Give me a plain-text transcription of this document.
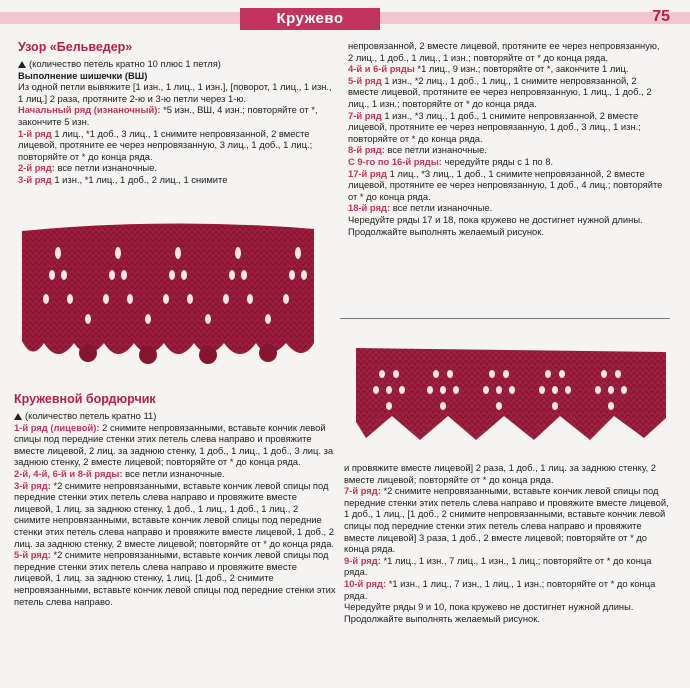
Кружево	75
Узор «Бельведер»

(количество петель кратно 10 плюс 1 петля)

Выполнение шишечки (ВШ)

Из одной петли вывяжите [1 изн., 1 лиц., 1 изн.], [поворот, 1 лиц., 1 изн., 1 лиц.] 2 раза, протяните 2-ю и 3-ю петли через 1-ю.

Начальный ряд (изнаночный): *5 изн., ВШ, 4 изн.; повторяйте от *, закончите 5 изн.

1-й ряд 1 лиц., *1 доб., 3 лиц., 1 снимите непровязанной, 2 вместе лицевой, протяните ее через непровязанную, 3 лиц., 1 доб., 1 лиц.; повторяйте от * до конца ряда.

2-й ряд: все петли изнаночные.

3-й ряд 1 изн., *1 лиц., 1 доб., 2 лиц., 1 снимите

непровязанной, 2 вместе лицевой, протяните ее через непровязанную, 2 лиц., 1 доб., 1 лиц., 1 изн.; повторяйте от * до конца ряда.

4-й и 6-й ряды *1 лиц., 9 изн.; повторяйте от *, закончите 1 лиц.

5-й ряд 1 изн., *2 лиц., 1 доб., 1 лиц., 1 снимите непровязанной, 2 вместе лицевой, протяните ее через непровязанную, 1 лиц., 1 доб., 2 лиц., 1 изн.; повторяйте от * до конца ряда.

7-й ряд 1 изн., *3 лиц., 1 доб., 1 снимите непровязанной, 2 вместе лицевой, протяните ее через непровязанную, 1 доб., 3 лиц., 1 изн.; повторяйте от * до конца ряда.

8-й ряд: все петли изнаночные.

С 9-го по 16-й ряды: чередуйте ряды с 1 по 8.

17-й ряд 1 лиц., *3 лиц., 1 доб., 1 снимите непровязанной, 2 вместе лицевой, протяните ее через непровязанную, 1 доб., 4 лиц.; повторяйте от * до конца ряда.

18-й ряд: все петли изнаночные.

Чередуйте ряды 17 и 18, пока кружево не достигнет нужной длины.

Продолжайте выполнять желаемый рисунок.

Кружевной бордюрчик

(количество петель кратно 11)

1-й ряд (лицевой): 2 снимите непровязанными, вставьте кончик левой спицы под передние стенки этих петель слева направо и провяжите вместе лицевой, 2 лиц. за заднюю стенку, 1 доб., 1 лиц., 1 доб., 3 лиц. за заднюю стенку, 2 вместе лицевой; повторяйте от * до конца ряда.

2-й, 4-й, 6-й и 8-й ряды: все петли изнаночные.

3-й ряд: *2 снимите непровязанными, вставьте кончик левой спицы под передние стенки этих петель слева направо и провяжите вместе лицевой, 1 лиц. за заднюю стенку, 1 доб., 1 лиц., 1 доб., 1 лиц., 2 снимите непровязанными, вставьте кончик левой спицы под передние стенки этих петель слева направо и провяжите вместе лицевой, 1 доб., 2 лиц. за заднюю стенку, 2 вместе лицевой; повторяйте от * до конца ряда.

5-й ряд: *2 снимите непровязанными, вставьте кончик левой спицы под передние стенки этих петель слева направо и провяжите вместе лицевой, 1 лиц. за заднюю стенку, 1 лиц. [1 доб., 2 снимите непровязанными, вставьте кончик левой спицы под передние стенки этих петель слева направо.

и провяжите вместе лицевой] 2 раза, 1 доб., 1 лиц. за заднюю стенку, 2 вместе лицевой; повторяйте от * до конца ряда.

7-й ряд: *2 снимите непровязанными, вставьте кончик левой спицы под передние стенки этих петель слева направо и провяжите вместе лицевой, 1 доб., 1 лиц., [1 доб., 2 снимите непровязанными, вставьте кончик левой спицы под передние стенки этих петель слева направо и провяжите вместе лицевой] 3 раза, 1 доб., 2 вместе лицевой; повторяйте от * до конца ряда.

9-й ряд: *1 лиц., 1 изн., 7 лиц., 1 изн., 1 лиц.; повторяйте от * до конца ряда.

10-й ряд: *1 изн., 1 лиц., 7 изн., 1 лиц., 1 изн.; повторяйте от * до конца ряда.

Чередуйте ряды 9 и 10, пока кружево не достигнет нужной длины.

Продолжайте выполнять желаемый рисунок.
